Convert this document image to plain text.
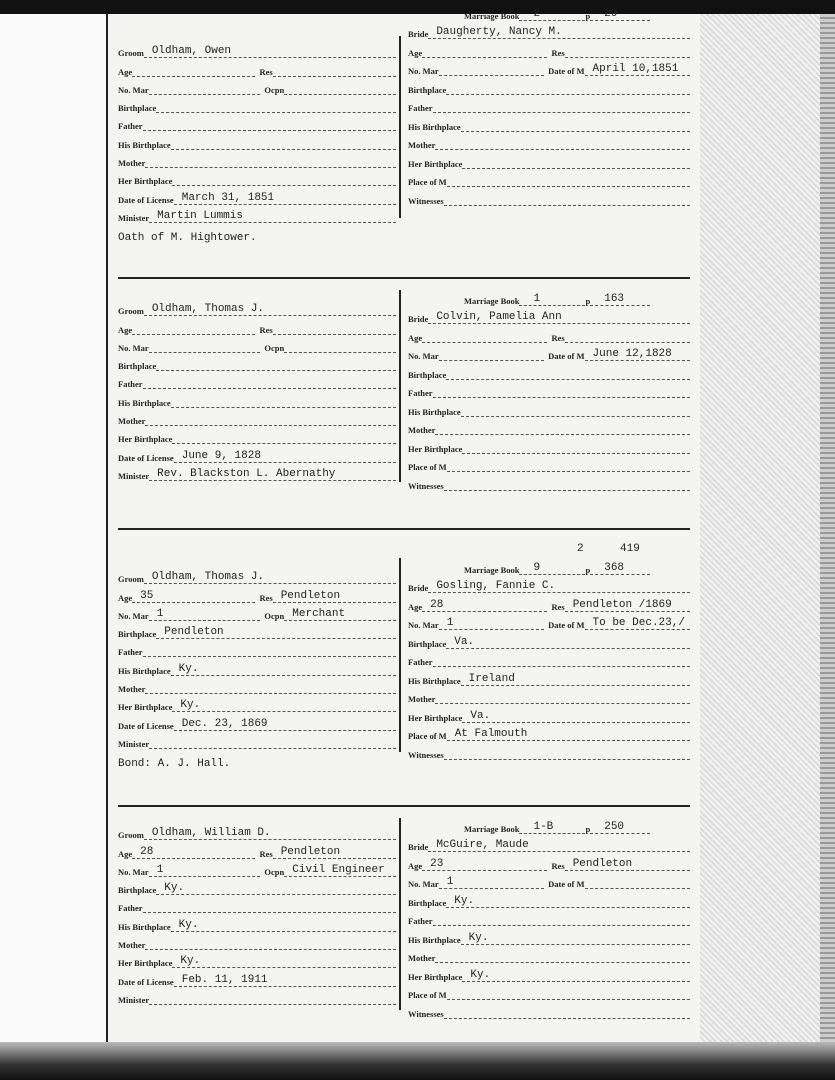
Groom Oldham, Owen
Age	Res
No. Mar	Ocpn
Birthplace
Father
His Birthplace
Mother
Her Birthplace
Date of License March 31, 1851
Minister Martin Lummis
Marriage Book	2	p	29
Bride Daugherty, Nancy M.
Age	Res
No. Mar	Date of M April 10,1851
Birthplace
Father
His Birthplace
Mother
Her Birthplace
Place of M
Witnesses
Oath of M. Hightower.
Groom Oldham, Thomas J.
Age	Res
No. Mar	Ocpn
Birthplace
Father
His Birthplace
Mother
Her Birthplace
Date of License June 9, 1828
Minister Rev. Blackston L. Abernathy
Marriage Book	1	p	163
Bride Colvin, Pamelia Ann
Age	Res
No. Mar	Date of M June 12,1828
Birthplace
Father
His Birthplace
Mother
Her Birthplace
Place of M
Witnesses
Groom Oldham, Thomas J.
Age 35	Res Pendleton
No. Mar 1	Ocpn Merchant
Birthplace Pendleton
Father
His Birthplace Ky.
Mother
Her Birthplace Ky.
Date of License Dec. 23, 1869
Minister
Marriage Book	9	p	368
Bride Gosling, Fannie C.
Age 28	Res Pendleton /1869
No. Mar 1	Date of M To be Dec.23,/
Birthplace Va.
Father
His Birthplace Ireland
Mother
Her Birthplace Va.
Place of M At Falmouth
Witnesses
2	419
Bond: A. J. Hall.
Groom Oldham, William D.
Age 28	Res Pendleton
No. Mar 1	Ocpn Civil Engineer
Birthplace Ky.
Father
His Birthplace Ky.
Mother
Her Birthplace Ky.
Date of License Feb. 11, 1911
Minister
Marriage Book	1-B	p	250
Bride McGuire, Maude
Age 23	Res Pendleton
No. Mar 1	Date of M
Birthplace Ky.
Father
His Birthplace Ky.
Mother
Her Birthplace Ky.
Place of M
Witnesses
